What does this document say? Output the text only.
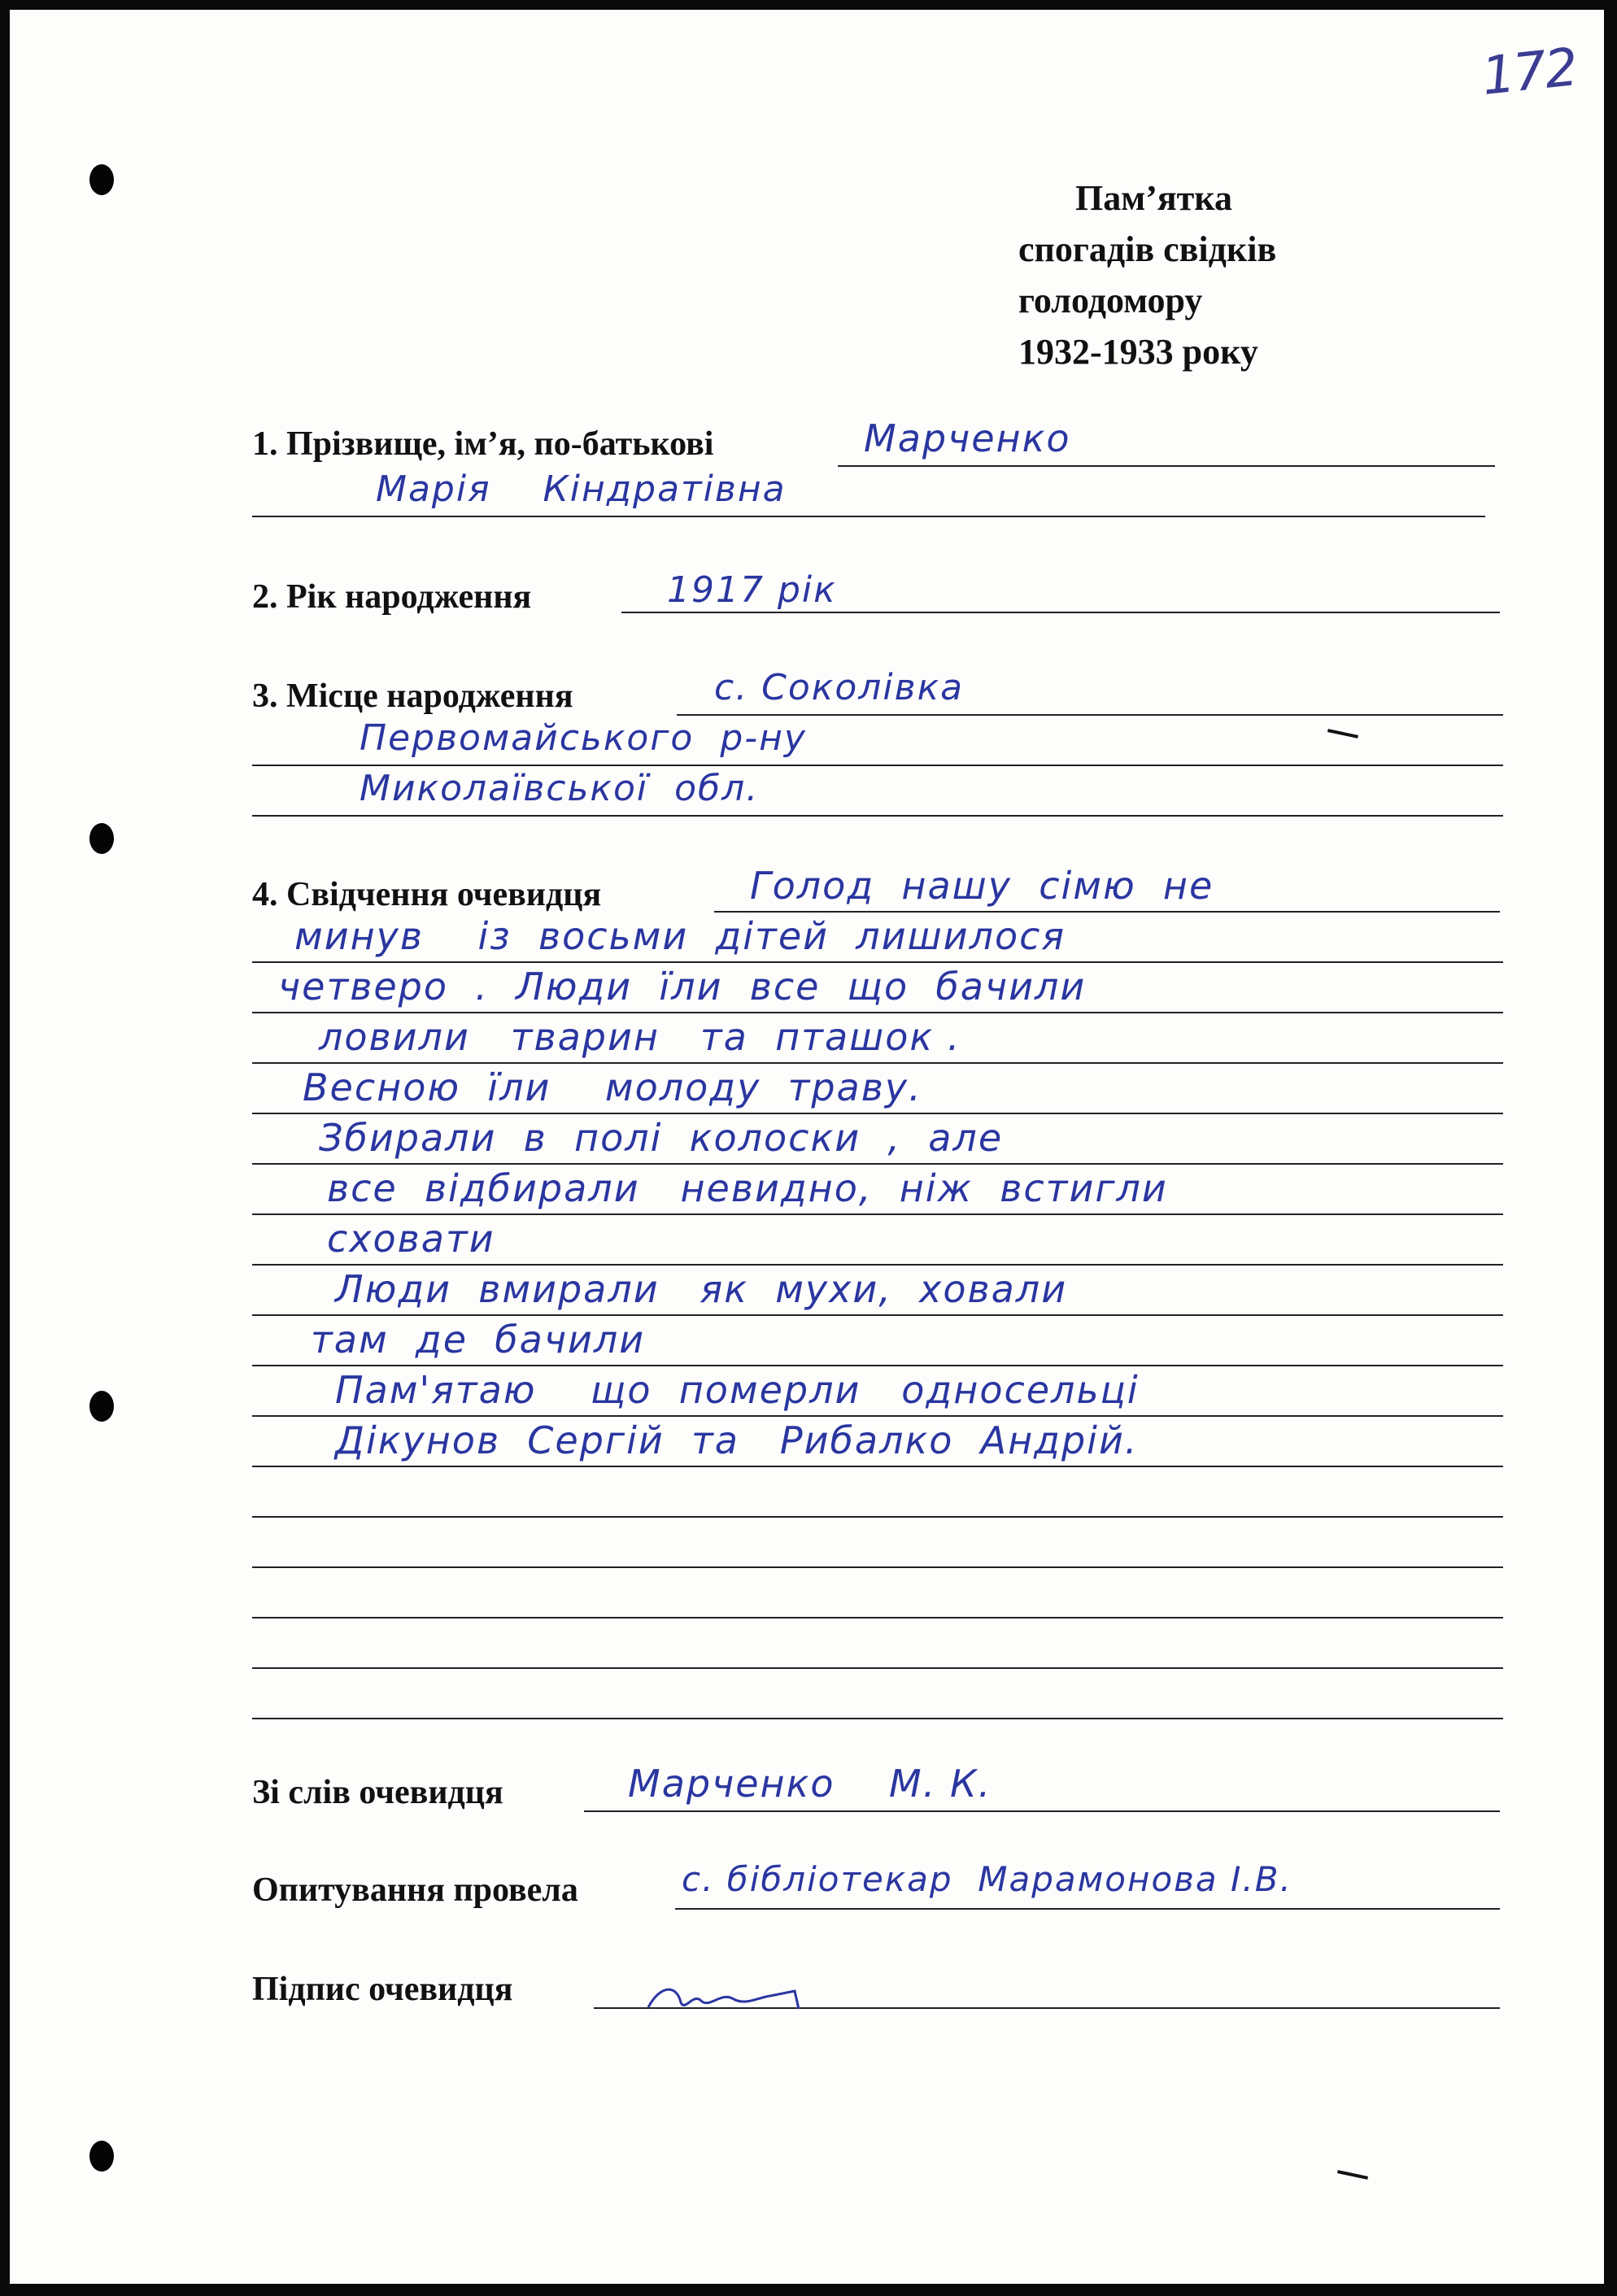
172
Пам’ятка
спогадів свідків
голодомору
1932-1933 року
1. Прізвище, ім’я, по-батькові	Марченко
Марія    Кіндратівна
2. Рік народження	1917 рік
3. Місце народження	с. Соколівка
Первомайського  р-ну
Миколаївської  обл.
4. Свідчення очевидця	Голод  нашу  сімю  не
минув    із  восьми  дітей  лишилося
четверо  .  Люди  їли  все  що  бачили
ловили   тварин   та  пташок .
Весною  їли    молоду  траву.
Збирали  в  полі  колоски  ,  але
все  відбирали   невидно,  ніж  встигли
сховати
Люди  вмирали   як  мухи,  ховали
там  де  бачили
Пам'ятаю    що  померли   односельці
Дікунов  Сергій  та   Рибалко  Андрій.
Зі слів очевидця	Марченко    М. К.
Опитування провела	с. бібліотекар  Марамонова І.В.
Підпис очевидця
